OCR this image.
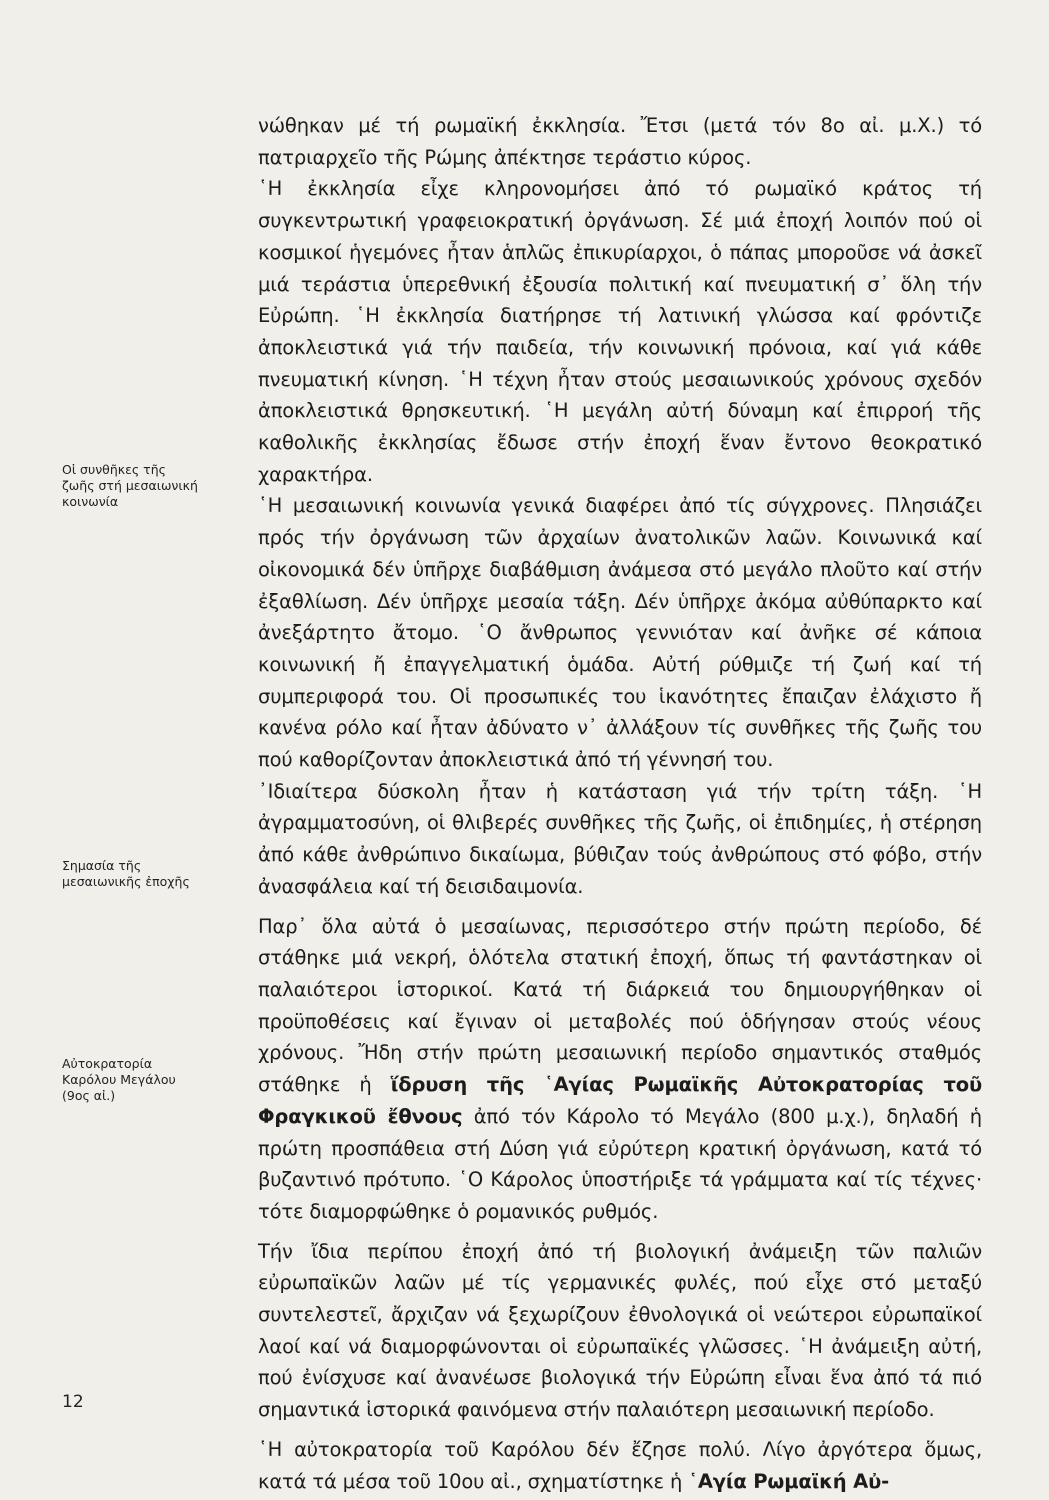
Οἱ συνθῆκες τῆς
ζωῆς στή μεσαιωνική
κοινωνία
Σημασία τῆς
μεσαιωνικῆς ἐποχῆς
Αὐτοκρατορία
Καρόλου Μεγάλου
(9ος αἰ.)

νώθηκαν μέ τή ρωμαϊκή ἐκκλησία. Ἔτσι (μετά τόν 8ο αἰ. μ.Χ.) τό πατριαρχεῖο τῆς Ρώμης ἀπέκτησε τεράστιο κύρος.

῾Η ἐκκλησία εἶχε κληρονομήσει ἀπό τό ρωμαϊκό κράτος τή συγκεντρωτική γραφειοκρατική ὀργάνωση. Σέ μιά ἐποχή λοιπόν πού οἱ κοσμικοί ἡγεμόνες ἦταν ἁπλῶς ἐπικυρίαρχοι, ὁ πάπας μποροῦσε νά ἀσκεῖ μιά τεράστια ὑπερεθνική ἐξουσία πολιτική καί πνευματική σ᾽ ὅλη τήν Εὐρώπη. ῾Η ἐκκλησία διατήρησε τή λατινική γλώσσα καί φρόντιζε ἀποκλειστικά γιά τήν παιδεία, τήν κοινωνική πρόνοια, καί γιά κάθε πνευματική κίνηση. ῾Η τέχνη ἦταν στούς μεσαιωνικούς χρόνους σχεδόν ἀποκλειστικά θρησκευτική. ῾Η μεγάλη αὐτή δύναμη καί ἐπιρροή τῆς καθολικῆς ἐκκλησίας ἔδωσε στήν ἐποχή ἕναν ἔντονο θεοκρατικό χαρακτήρα.

῾Η μεσαιωνική κοινωνία γενικά διαφέρει ἀπό τίς σύγχρονες. Πλησιάζει πρός τήν ὀργάνωση τῶν ἀρχαίων ἀνατολικῶν λαῶν. Κοινωνικά καί οἰκονομικά δέν ὑπῆρχε διαβάθμιση ἀνάμεσα στό μεγάλο πλοῦτο καί στήν ἐξαθλίωση. Δέν ὑπῆρχε μεσαία τάξη. Δέν ὑπῆρχε ἀκόμα αὐθύπαρκτο καί ἀνεξάρτητο ἄτομο. ῾Ο ἄνθρωπος γεννιόταν καί ἀνῆκε σέ κάποια κοινωνική ἤ ἐπαγγελματική ὁμάδα. Αὐτή ρύθμιζε τή ζωή καί τή συμπεριφορά του. Οἱ προσωπικές του ἱκανότητες ἔπαιζαν ἐλάχιστο ἤ κανένα ρόλο καί ἦταν ἀδύνατο ν᾽ ἀλλάξουν τίς συνθῆκες τῆς ζωῆς του πού καθορίζονταν ἀποκλειστικά ἀπό τή γέννησή του.

᾽Ιδιαίτερα δύσκολη ἦταν ἡ κατάσταση γιά τήν τρίτη τάξη. ῾Η ἀγραμματοσύνη, οἱ θλιβερές συνθῆκες τῆς ζωῆς, οἱ ἐπιδημίες, ἡ στέρηση ἀπό κάθε ἀνθρώπινο δικαίωμα, βύθιζαν τούς ἀνθρώπους στό φόβο, στήν ἀνασφάλεια καί τή δεισιδαιμονία.

Παρ᾽ ὅλα αὐτά ὁ μεσαίωνας, περισσότερο στήν πρώτη περίοδο, δέ στάθηκε μιά νεκρή, ὁλότελα στατική ἐποχή, ὅπως τή φαντάστηκαν οἱ παλαιότεροι ἱστορικοί. Κατά τή διάρκειά του δημιουργήθηκαν οἱ προϋποθέσεις καί ἔγιναν οἱ μεταβολές πού ὁδήγησαν στούς νέους χρόνους. Ἤδη στήν πρώτη μεσαιωνική περίοδο σημαντικός σταθμός στάθηκε ἡ ἵδρυση τῆς ῾Αγίας Ρωμαϊκῆς Αὐτοκρατορίας τοῦ Φραγκικοῦ ἔθνους ἀπό τόν Κάρολο τό Μεγάλο (800 μ.χ.), δηλαδή ἡ πρώτη προσπάθεια στή Δύση γιά εὐρύτερη κρατική ὀργάνωση, κατά τό βυζαντινό πρότυπο. ῾Ο Κάρολος ὑποστήριξε τά γράμματα καί τίς τέχνες· τότε διαμορφώθηκε ὁ ρομανικός ρυθμός.

Τήν ἴδια περίπου ἐποχή ἀπό τή βιολογική ἀνάμειξη τῶν παλιῶν εὐρωπαϊκῶν λαῶν μέ τίς γερμανικές φυλές, πού εἶχε στό μεταξύ συντελεστεῖ, ἄρχιζαν νά ξεχωρίζουν ἐθνολογικά οἱ νεώτεροι εὐρωπαϊκοί λαοί καί νά διαμορφώνονται οἱ εὐρωπαϊκές γλῶσσες. ῾Η ἀνάμειξη αὐτή, πού ἐνίσχυσε καί ἀνανέωσε βιολογικά τήν Εὐρώπη εἶναι ἕνα ἀπό τά πιό σημαντικά ἱστορικά φαινόμενα στήν παλαιότερη μεσαιωνική περίοδο.

῾Η αὐτοκρατορία τοῦ Καρόλου δέν ἔζησε πολύ. Λίγο ἀργότερα ὅμως, κατά τά μέσα τοῦ 10ου αἰ., σχηματίστηκε ἡ ῾Αγία Ρωμαϊκή Αὐ-

12
